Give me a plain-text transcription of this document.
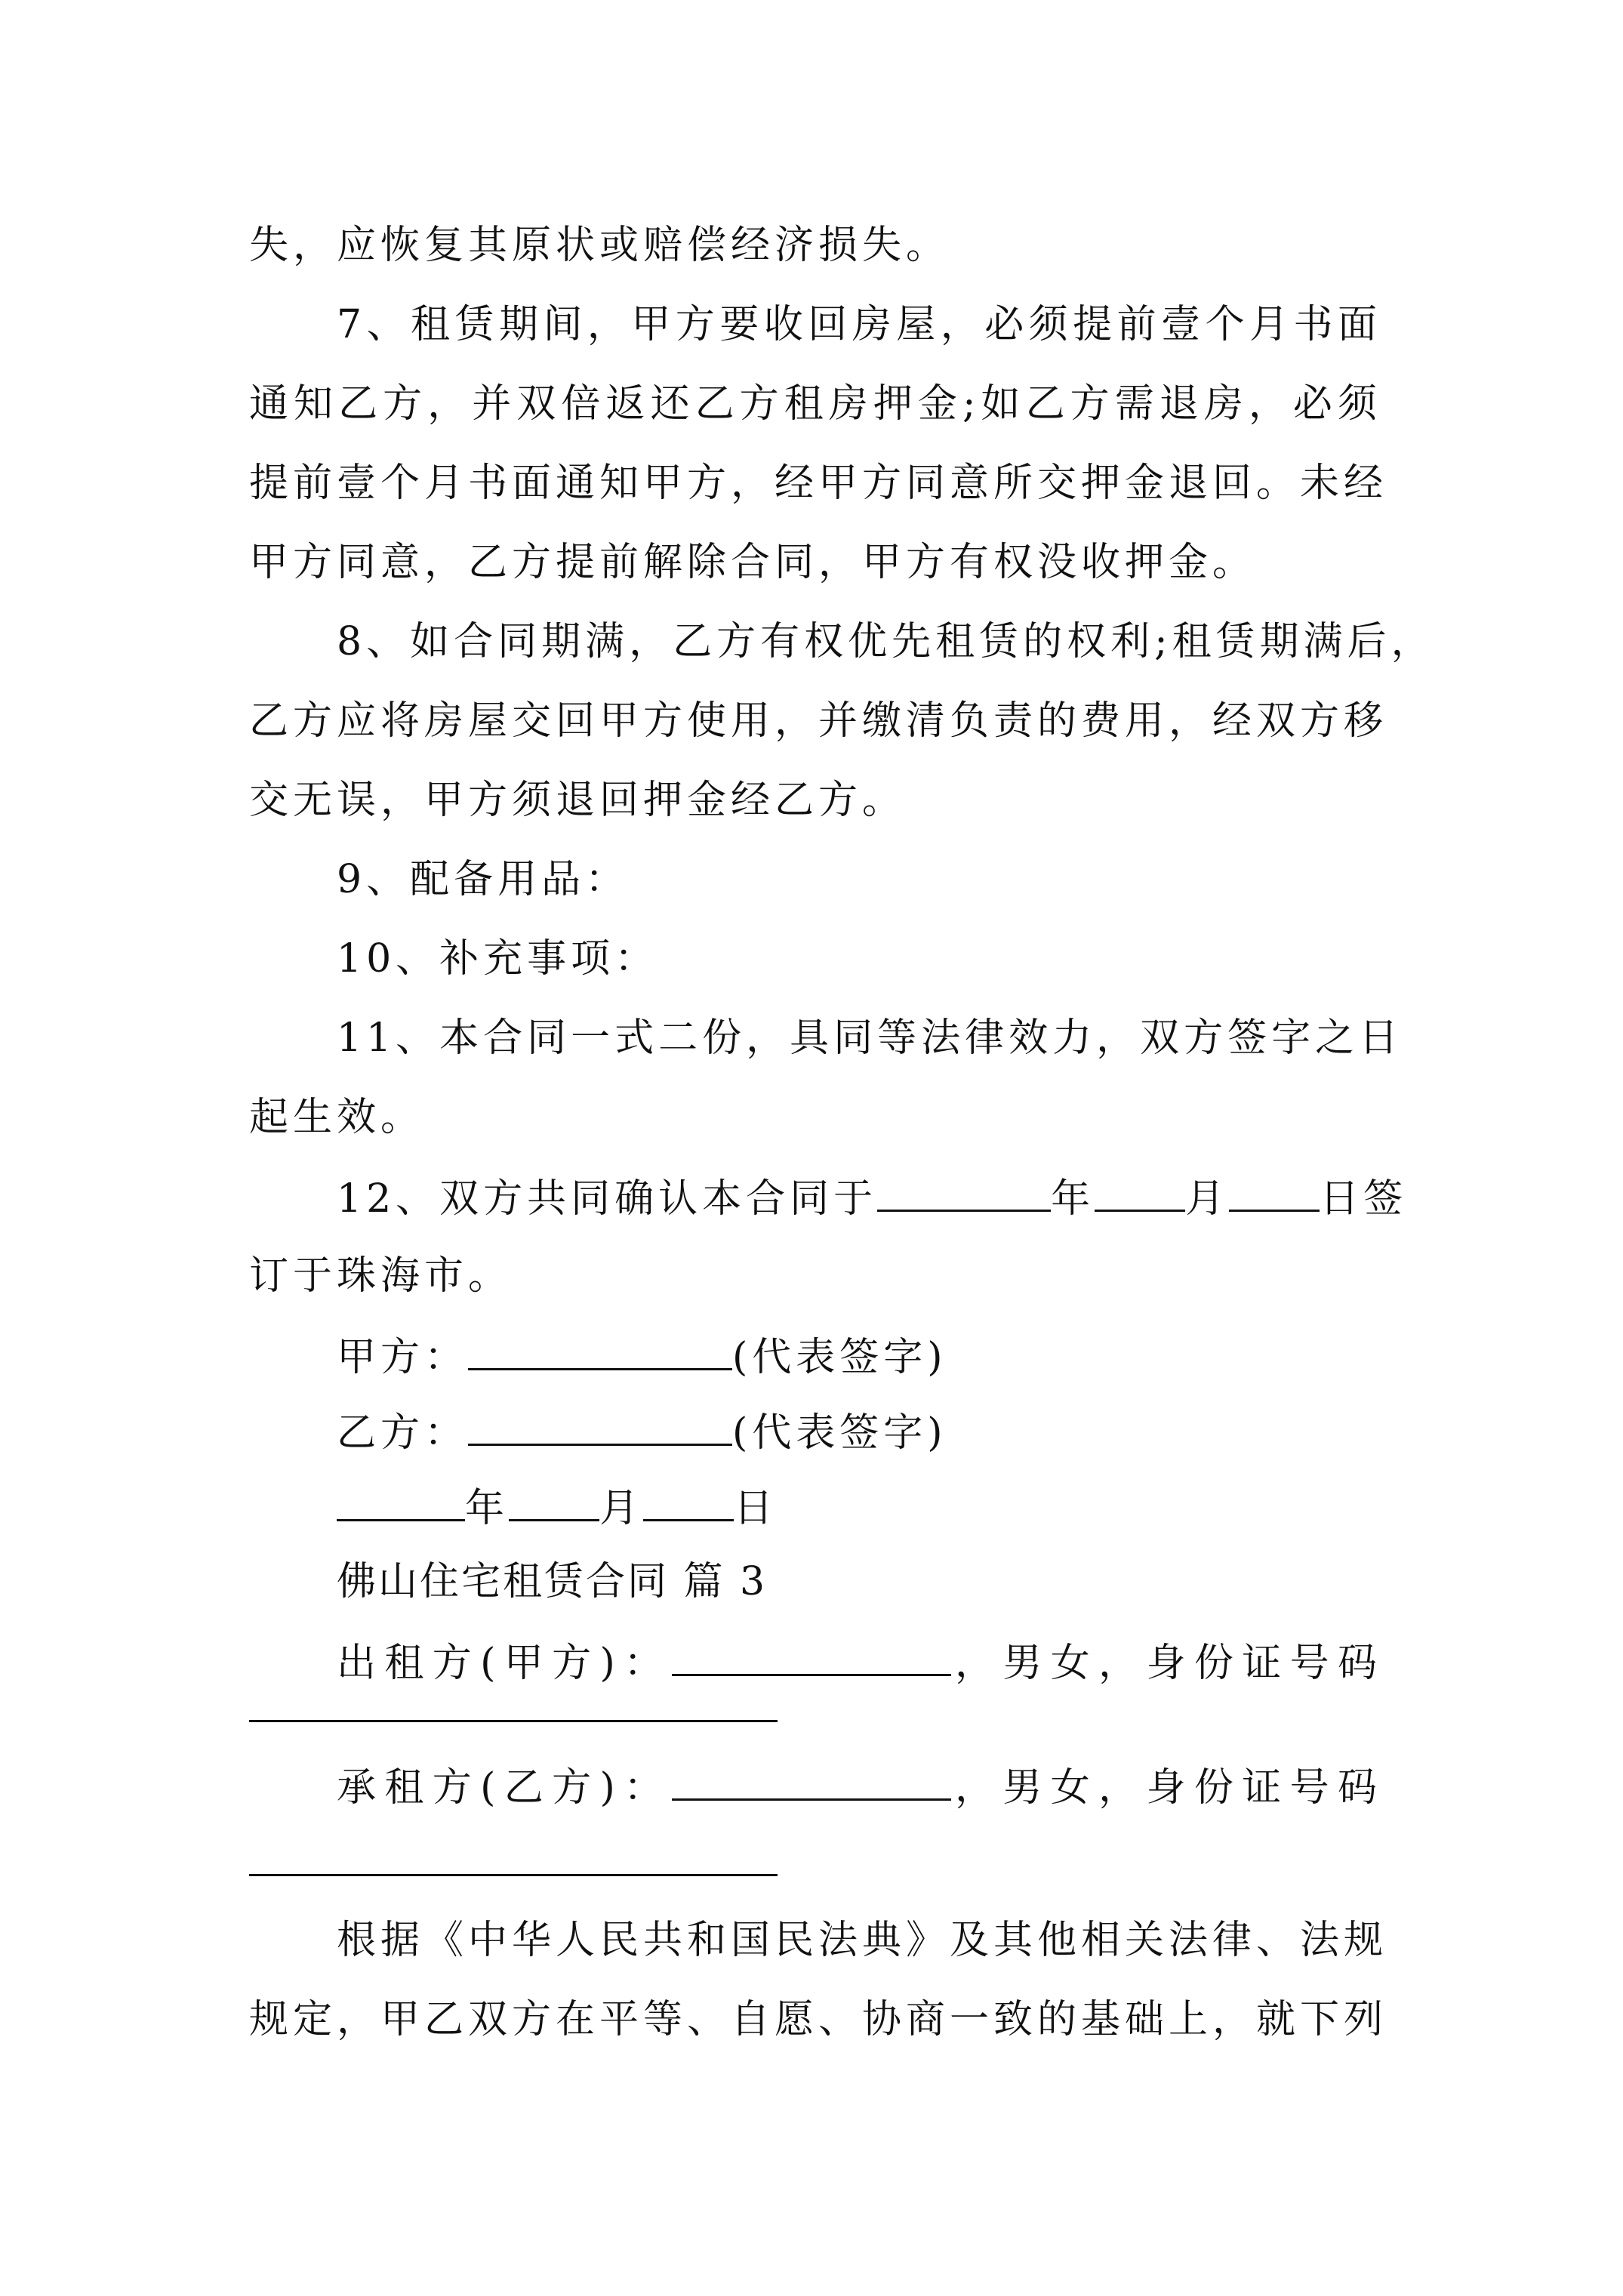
失，应恢复其原状或赔偿经济损失。
7、租赁期间，甲方要收回房屋，必须提前壹个月书面
通知乙方，并双倍返还乙方租房押金;如乙方需退房，必须
提前壹个月书面通知甲方，经甲方同意所交押金退回。未经
甲方同意，乙方提前解除合同，甲方有权没收押金。
8、如合同期满，乙方有权优先租赁的权利;租赁期满后，
乙方应将房屋交回甲方使用，并缴清负责的费用，经双方移
交无误，甲方须退回押金经乙方。
9、配备用品：
10、补充事项：
11、本合同一式二份，具同等法律效力，双方签字之日
起生效。
12、双方共同确认本合同于	年 月 日签
订于珠海市。
甲方：	(代表签字)
乙方：	(代表签字)
年 月 日
佛山住宅租赁合同 篇 3
出租方(甲方)：	，男女，身份证号码
承租方(乙方)：	，男女，身份证号码
根据《中华人民共和国民法典》及其他相关法律、法规
规定，甲乙双方在平等、自愿、协商一致的基础上，就下列
